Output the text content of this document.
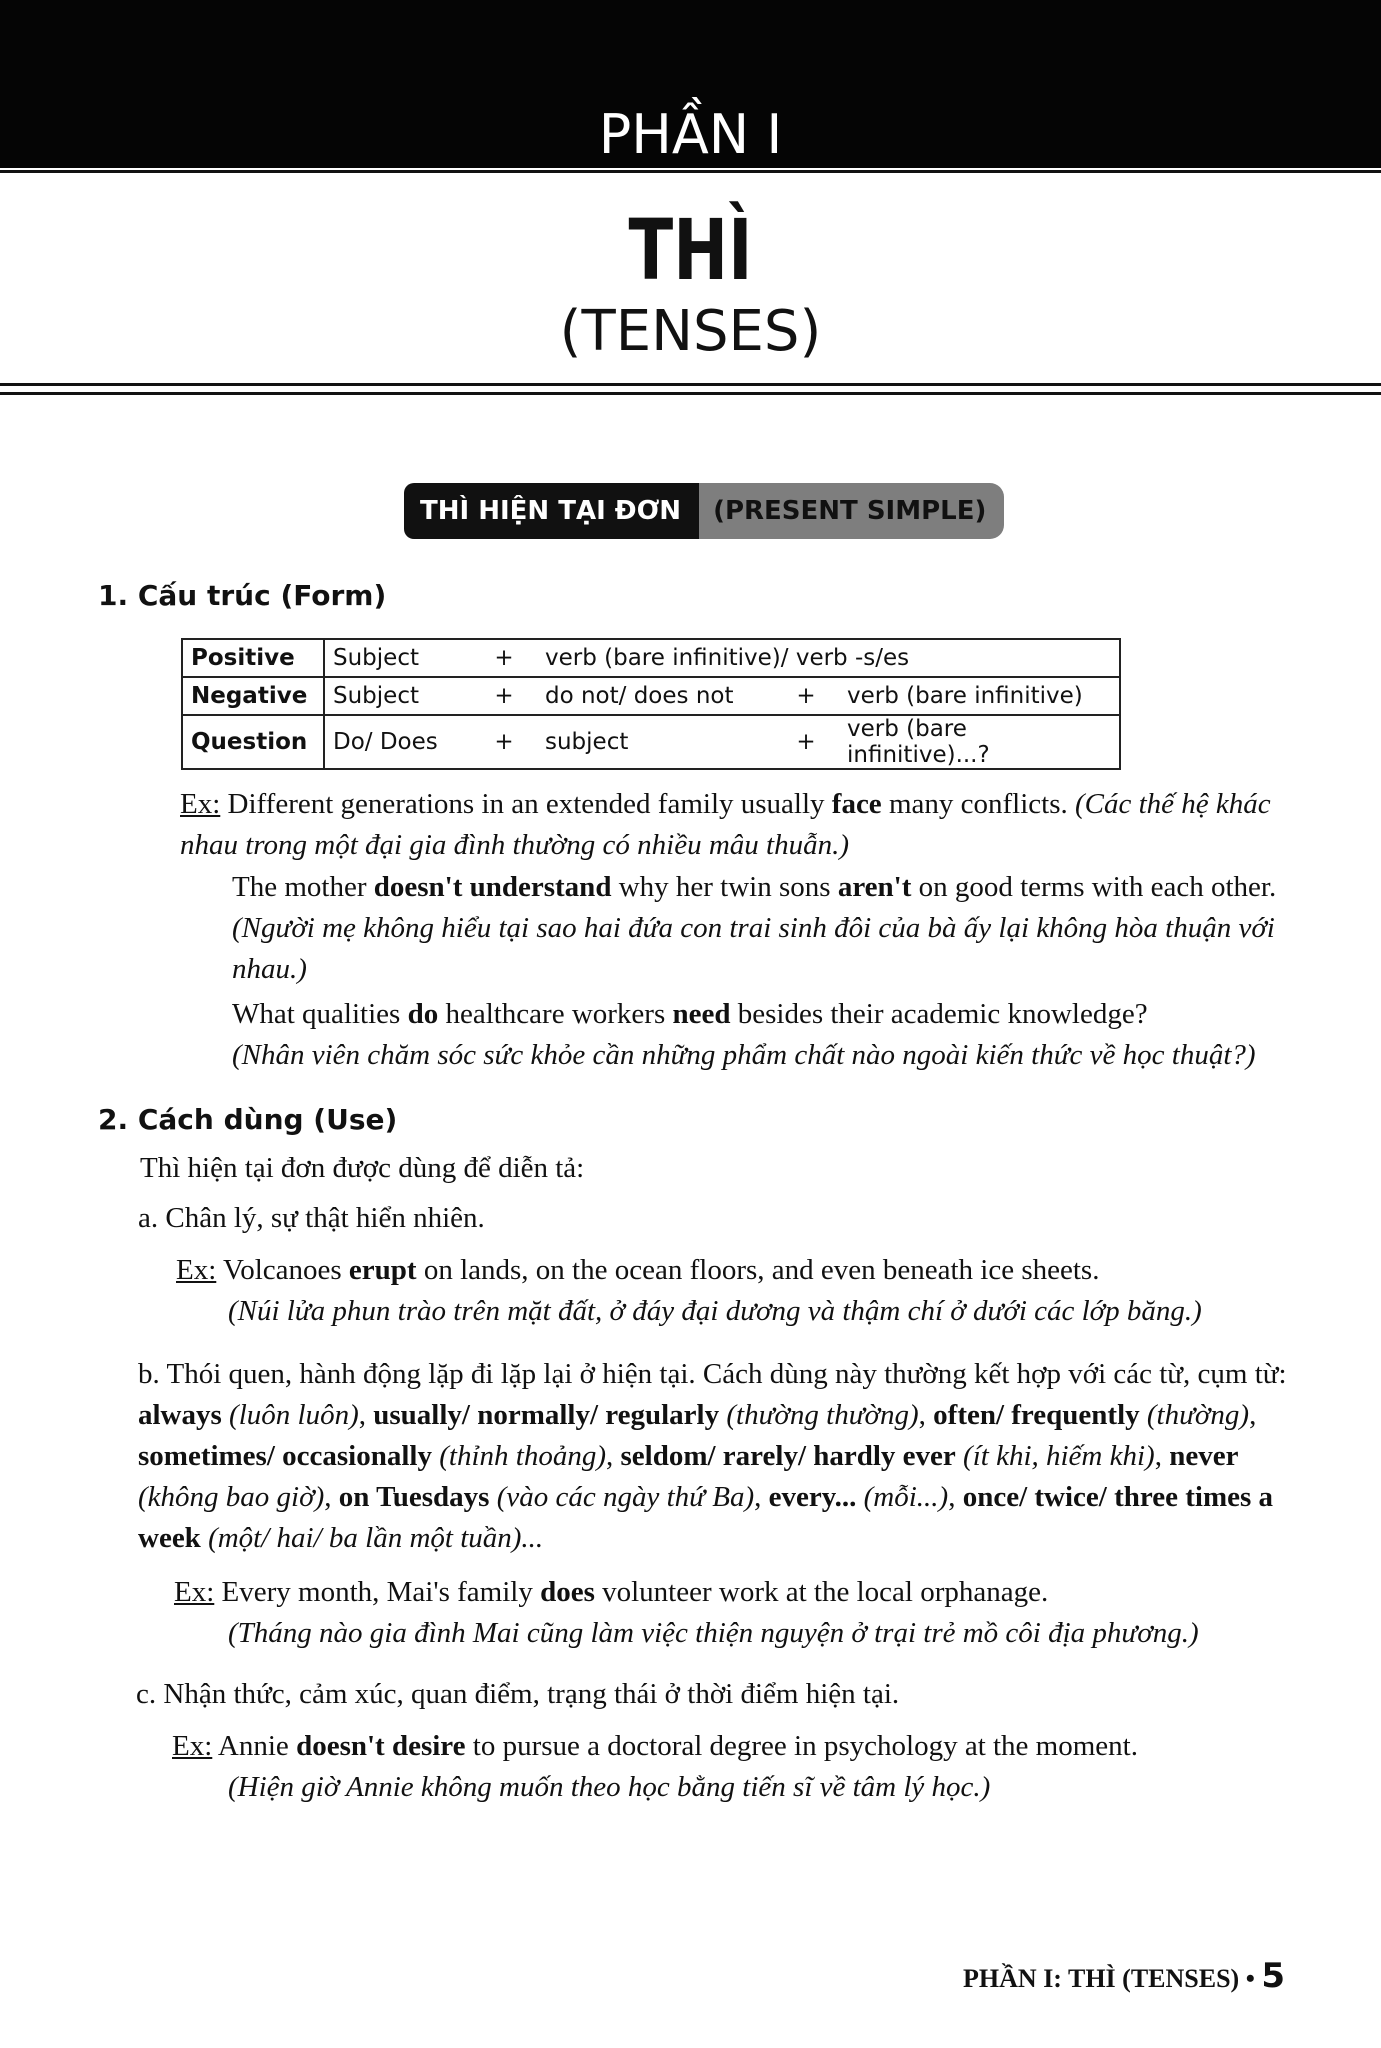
PHẦN I
THÌ
(TENSES)
THÌ HIỆN TẠI ĐƠN	(PRESENT SIMPLE)
1. Cấu trúc (Form)
Positive	Subject	+	verb (bare infinitive)/ verb -s/es		
Negative	Subject	+	do not/ does not	+	verb (bare infinitive)
Question	Do/ Does	+	subject	+	verb (bare infinitive)...?

Ex: Different generations in an extended family usually face many conflicts. (Các thế hệ khác nhau trong một đại gia đình thường có nhiều mâu thuẫn.)

The mother doesn't understand why her twin sons aren't on good terms with each other. (Người mẹ không hiểu tại sao hai đứa con trai sinh đôi của bà ấy lại không hòa thuận với nhau.)

What qualities do healthcare workers need besides their academic knowledge?
(Nhân viên chăm sóc sức khỏe cần những phẩm chất nào ngoài kiến thức về học thuật?)

2. Cách dùng (Use)

Thì hiện tại đơn được dùng để diễn tả:

a. Chân lý, sự thật hiển nhiên.

Ex: Volcanoes erupt on lands, on the ocean floors, and even beneath ice sheets.
(Núi lửa phun trào trên mặt đất, ở đáy đại dương và thậm chí ở dưới các lớp băng.)

b. Thói quen, hành động lặp đi lặp lại ở hiện tại. Cách dùng này thường kết hợp với các từ, cụm từ: always (luôn luôn), usually/ normally/ regularly (thường thường), often/ frequently (thường), sometimes/ occasionally (thỉnh thoảng), seldom/ rarely/ hardly ever (ít khi, hiếm khi), never (không bao giờ), on Tuesdays (vào các ngày thứ Ba), every... (mỗi...), once/ twice/ three times a week (một/ hai/ ba lần một tuần)...

Ex: Every month, Mai's family does volunteer work at the local orphanage.
(Tháng nào gia đình Mai cũng làm việc thiện nguyện ở trại trẻ mồ côi địa phương.)

c. Nhận thức, cảm xúc, quan điểm, trạng thái ở thời điểm hiện tại.

Ex: Annie doesn't desire to pursue a doctoral degree in psychology at the moment.
(Hiện giờ Annie không muốn theo học bằng tiến sĩ về tâm lý học.)

PHẦN I: THÌ (TENSES) • 5
